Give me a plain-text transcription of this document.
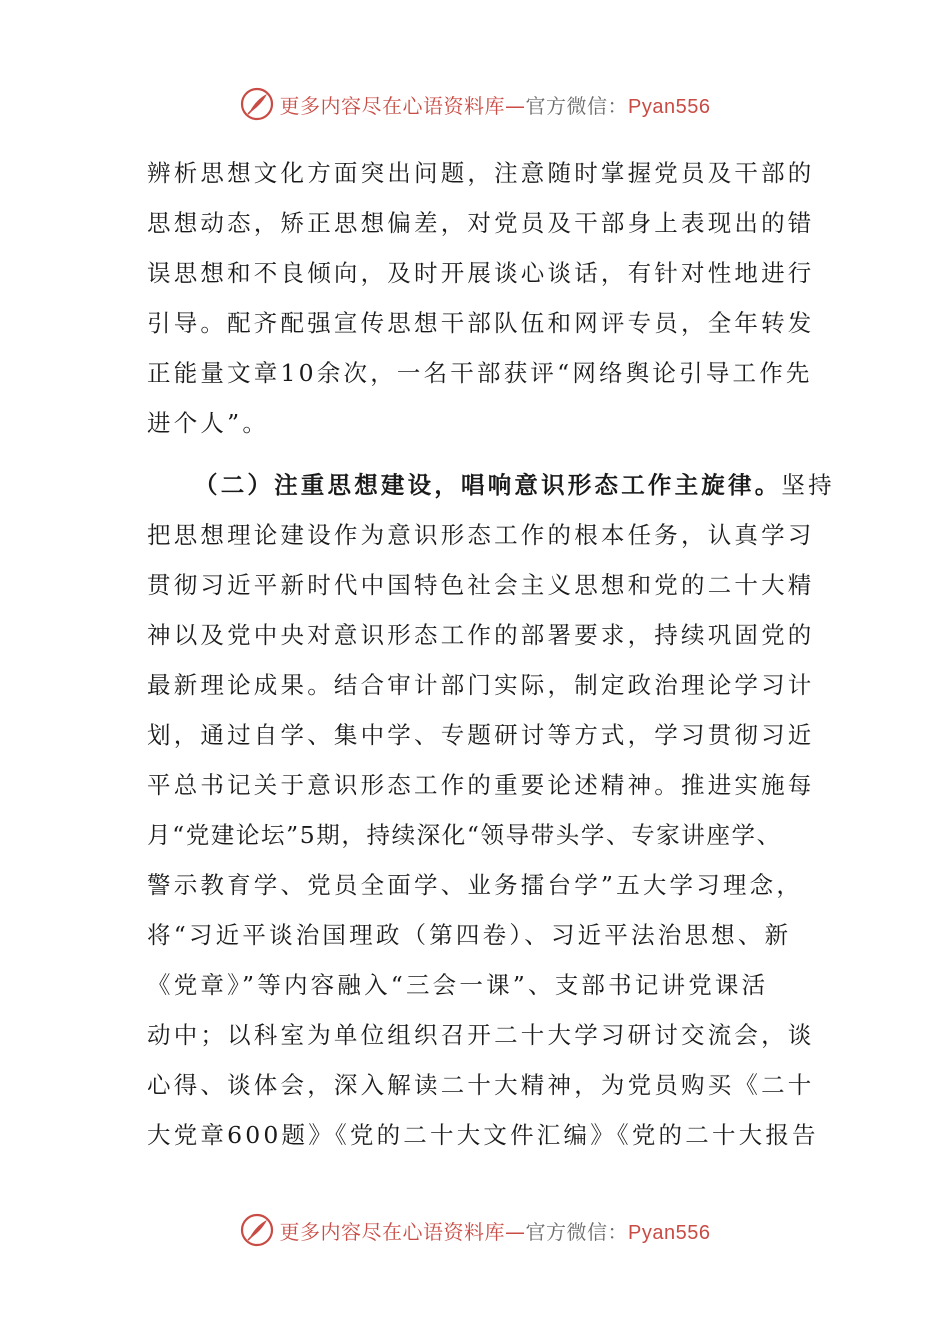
更多内容尽在心语资料库—官方微信：Pyan556
辨析思想文化方面突出问题，注意随时掌握党员及干部的
思想动态，矫正思想偏差，对党员及干部身上表现出的错
误思想和不良倾向，及时开展谈心谈话，有针对性地进行
引导。配齐配强宣传思想干部队伍和网评专员，全年转发
正能量文章10余次，一名干部获评“网络舆论引导工作先
进个人”。
（二）注重思想建设，唱响意识形态工作主旋律。坚持
把思想理论建设作为意识形态工作的根本任务，认真学习
贯彻习近平新时代中国特色社会主义思想和党的二十大精
神以及党中央对意识形态工作的部署要求，持续巩固党的
最新理论成果。结合审计部门实际，制定政治理论学习计
划，通过自学、集中学、专题研讨等方式，学习贯彻习近
平总书记关于意识形态工作的重要论述精神。推进实施每
月“党建论坛”5期，持续深化“领导带头学、专家讲座学、
警示教育学、党员全面学、业务擂台学”五大学习理念，
将“习近平谈治国理政（第四卷）、习近平法治思想、新
《党章》”等内容融入“三会一课”、支部书记讲党课活
动中；以科室为单位组织召开二十大学习研讨交流会，谈
心得、谈体会，深入解读二十大精神，为党员购买《二十
大党章600题》《党的二十大文件汇编》《党的二十大报告
更多内容尽在心语资料库—官方微信：Pyan556
